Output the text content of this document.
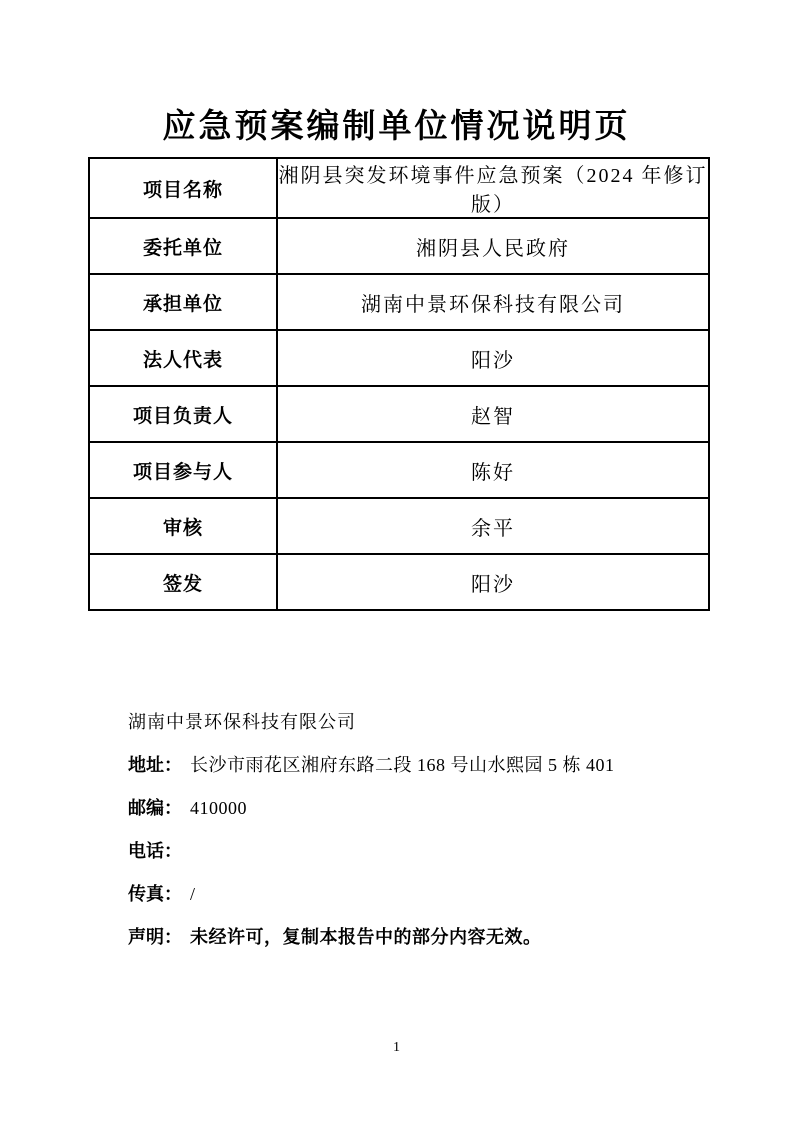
应急预案编制单位情况说明页
项目名称	湘阴县突发环境事件应急预案（2024 年修订版）
委托单位	湘阴县人民政府
承担单位	湖南中景环保科技有限公司
法人代表	阳沙
项目负责人	赵智
项目参与人	陈好
审核	余平
签发	阳沙
湖南中景环保科技有限公司
地址： 长沙市雨花区湘府东路二段 168 号山水熙园 5 栋 401
邮编： 410000
电话：
传真： /
声明： 未经许可，复制本报告中的部分内容无效。
1
